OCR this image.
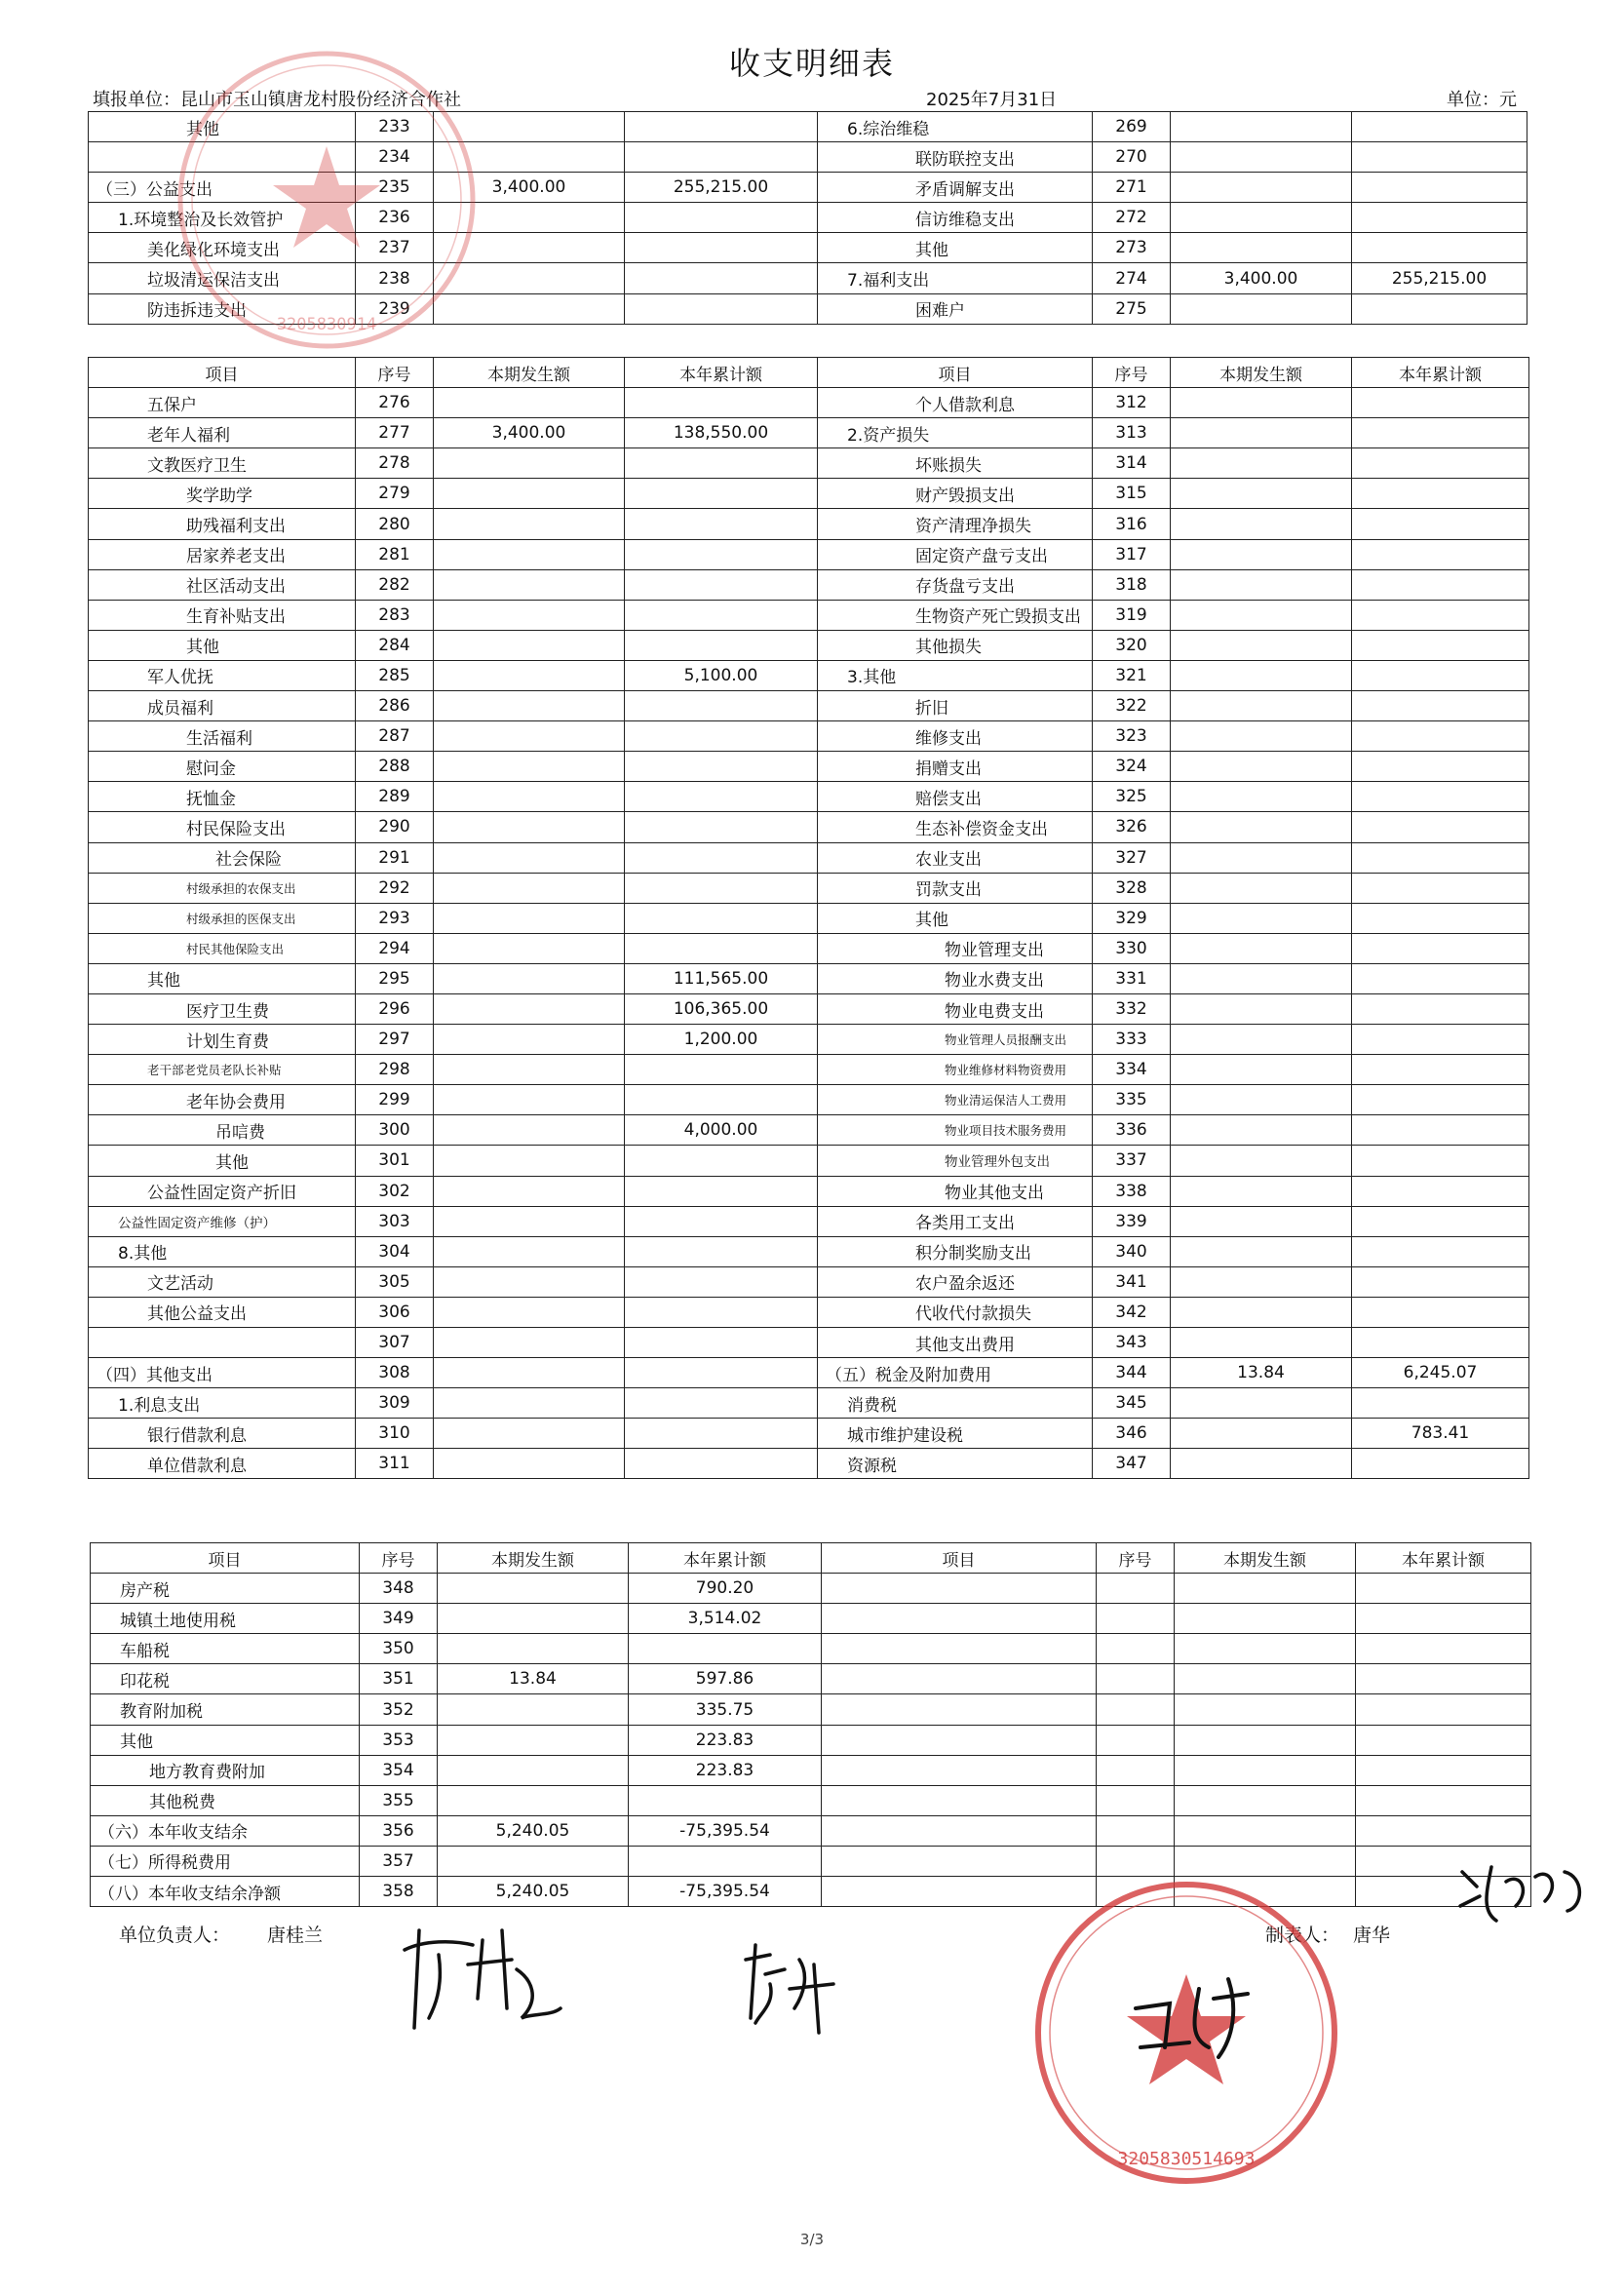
收支明细表
填报单位：昆山市玉山镇唐龙村股份经济合作社	2025年7月31日	单位：元
其他	233			6.综治维稳	269		
	234			联防联控支出	270		
（三）公益支出	235	3,400.00	255,215.00	矛盾调解支出	271		
1.环境整治及长效管护	236			信访维稳支出	272		
美化绿化环境支出	237			其他	273		
垃圾清运保洁支出	238			7.福利支出	274	3,400.00	255,215.00
防违拆违支出	239			困难户	275		
项目	序号	本期发生额	本年累计额	项目	序号	本期发生额	本年累计额
五保户	276			个人借款利息	312		
老年人福利	277	3,400.00	138,550.00	2.资产损失	313		
文教医疗卫生	278			坏账损失	314		
奖学助学	279			财产毁损支出	315		
助残福利支出	280			资产清理净损失	316		
居家养老支出	281			固定资产盘亏支出	317		
社区活动支出	282			存货盘亏支出	318		
生育补贴支出	283			生物资产死亡毁损支出	319		
其他	284			其他损失	320		
军人优抚	285		5,100.00	3.其他	321		
成员福利	286			折旧	322		
生活福利	287			维修支出	323		
慰问金	288			捐赠支出	324		
抚恤金	289			赔偿支出	325		
村民保险支出	290			生态补偿资金支出	326		
社会保险	291			农业支出	327		
村级承担的农保支出	292			罚款支出	328		
村级承担的医保支出	293			其他	329		
村民其他保险支出	294			物业管理支出	330		
其他	295		111,565.00	物业水费支出	331		
医疗卫生费	296		106,365.00	物业电费支出	332		
计划生育费	297		1,200.00	物业管理人员报酬支出	333		
老干部老党员老队长补贴	298			物业维修材料物资费用	334		
老年协会费用	299			物业清运保洁人工费用	335		
吊唁费	300		4,000.00	物业项目技术服务费用	336		
其他	301			物业管理外包支出	337		
公益性固定资产折旧	302			物业其他支出	338		
公益性固定资产维修（护）	303			各类用工支出	339		
8.其他	304			积分制奖励支出	340		
文艺活动	305			农户盈余返还	341		
其他公益支出	306			代收代付款损失	342		
	307			其他支出费用	343		
（四）其他支出	308			（五）税金及附加费用	344	13.84	6,245.07
1.利息支出	309			消费税	345		
银行借款利息	310			城市维护建设税	346		783.41
单位借款利息	311			资源税	347		
项目	序号	本期发生额	本年累计额	项目	序号	本期发生额	本年累计额
房产税	348		790.20				
城镇土地使用税	349		3,514.02				
车船税	350						
印花税	351	13.84	597.86				
教育附加税	352		335.75				
其他	353		223.83				
地方教育费附加	354		223.83				
其他税费	355						
（六）本年收支结余	356	5,240.05	-75,395.54				
（七）所得税费用	357						
（八）本年收支结余净额	358	5,240.05	-75,395.54				
单位负责人： 唐桂兰	制表人： 唐华
3205830914
3205830514693
3/3
